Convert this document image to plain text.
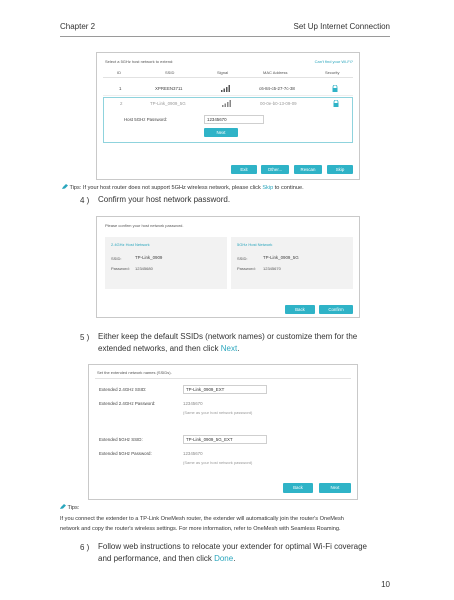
Chapter 2	Set Up Internet Connection
Select a 5GHz host network to extend:	Can't find your Wi-Fi?
ID	SSID	Signal	MAC Address	Security
1	XPREEN3711	c6-84-c5-27-7c-38
2	TP-Link_0909_5G	00-0e-b0-13-09-09
Host 5GHz Password:	12345670
Next
Exit	Other...	Rescan	Skip
Tips: If your host router does not support 5GHz wireless network, please click Skip to continue.
4 ) Confirm your host network password.
Please confirm your host network password.
2.4GHz Host Network
SSID:	TP-Link_0909
Password: 12345680
5GHz Host Network
SSID:	TP-Link_0909_5G
Password: 12345670
Back	Confirm
5 ) Either keep the default SSIDs (network names) or customize them for the
extended networks, and then click Next.
Set the extended network names (SSIDs).
Extended 2.4GHz SSID:	TP-Link_0909_EXT
Extended 2.4GHz Password:	12345670
(Same as your host network password)
Extended 5GHz SSID:	TP-Link_0909_5G_EXT
Extended 5GHz Password:	12345670
(Same as your host network password)
Back	Next
Tips:
If you connect the extender to a TP-Link OneMesh router, the extender will automatically join the router's OneMesh
network and copy the router's wireless settings. For more information, refer to OneMesh with Seamless Roaming.
6 ) Follow web instructions to relocate your extender for optimal Wi-Fi coverage
and performance, and then click Done.
10
